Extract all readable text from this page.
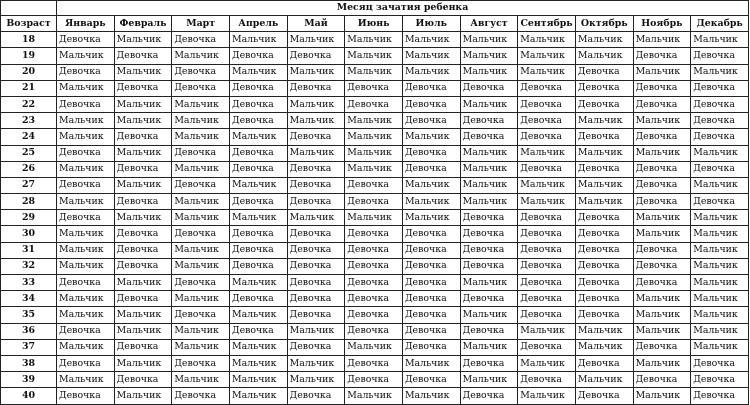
	Месяц зачатия ребенка											
Возраст	Январь	Февраль	Март	Апрель	Май	Июнь	Июль	Август	Сентябрь	Октябрь	Ноябрь	Декабрь
18	Девочка	Мальчик	Девочка	Мальчик	Мальчик	Мальчик	Мальчик	Мальчик	Мальчик	Мальчик	Мальчик	Мальчик
19	Мальчик	Девочка	Мальчик	Девочка	Девочка	Мальчик	Мальчик	Мальчик	Мальчик	Мальчик	Девочка	Девочка
20	Девочка	Мальчик	Девочка	Мальчик	Мальчик	Мальчик	Мальчик	Мальчик	Мальчик	Девочка	Мальчик	Мальчик
21	Мальчик	Девочка	Девочка	Девочка	Девочка	Девочка	Девочка	Девочка	Девочка	Девочка	Девочка	Девочка
22	Девочка	Мальчик	Мальчик	Девочка	Мальчик	Девочка	Девочка	Мальчик	Девочка	Девочка	Девочка	Девочка
23	Мальчик	Мальчик	Мальчик	Девочка	Мальчик	Мальчик	Девочка	Девочка	Девочка	Мальчик	Мальчик	Девочка
24	Мальчик	Девочка	Мальчик	Мальчик	Девочка	Мальчик	Мальчик	Девочка	Девочка	Девочка	Девочка	Девочка
25	Девочка	Мальчик	Девочка	Девочка	Мальчик	Мальчик	Девочка	Мальчик	Мальчик	Мальчик	Мальчик	Мальчик
26	Мальчик	Девочка	Мальчик	Девочка	Девочка	Мальчик	Девочка	Мальчик	Девочка	Девочка	Девочка	Девочка
27	Девочка	Мальчик	Девочка	Мальчик	Девочка	Девочка	Мальчик	Мальчик	Мальчик	Мальчик	Девочка	Мальчик
28	Мальчик	Девочка	Мальчик	Девочка	Девочка	Девочка	Мальчик	Мальчик	Мальчик	Мальчик	Девочка	Девочка
29	Девочка	Мальчик	Мальчик	Мальчик	Мальчик	Мальчик	Мальчик	Девочка	Девочка	Девочка	Мальчик	Мальчик
30	Мальчик	Девочка	Девочка	Девочка	Девочка	Девочка	Девочка	Девочка	Девочка	Девочка	Мальчик	Мальчик
31	Мальчик	Девочка	Мальчик	Девочка	Девочка	Девочка	Девочка	Девочка	Девочка	Девочка	Девочка	Мальчик
32	Мальчик	Девочка	Мальчик	Девочка	Девочка	Девочка	Девочка	Девочка	Девочка	Девочка	Девочка	Мальчик
33	Девочка	Мальчик	Девочка	Мальчик	Девочка	Девочка	Девочка	Мальчик	Девочка	Девочка	Девочка	Мальчик
34	Мальчик	Девочка	Мальчик	Девочка	Девочка	Девочка	Девочка	Девочка	Девочка	Девочка	Мальчик	Мальчик
35	Мальчик	Мальчик	Девочка	Мальчик	Девочка	Девочка	Девочка	Мальчик	Девочка	Девочка	Мальчик	Мальчик
36	Девочка	Мальчик	Мальчик	Девочка	Мальчик	Девочка	Девочка	Девочка	Мальчик	Мальчик	Мальчик	Мальчик
37	Мальчик	Девочка	Мальчик	Мальчик	Девочка	Мальчик	Девочка	Мальчик	Девочка	Мальчик	Девочка	Мальчик
38	Девочка	Мальчик	Девочка	Мальчик	Мальчик	Девочка	Мальчик	Девочка	Мальчик	Девочка	Мальчик	Девочка
39	Мальчик	Девочка	Мальчик	Мальчик	Мальчик	Девочка	Девочка	Мальчик	Девочка	Мальчик	Девочка	Девочка
40	Девочка	Мальчик	Девочка	Мальчик	Девочка	Мальчик	Мальчик	Девочка	Мальчик	Девочка	Мальчик	Девочка
